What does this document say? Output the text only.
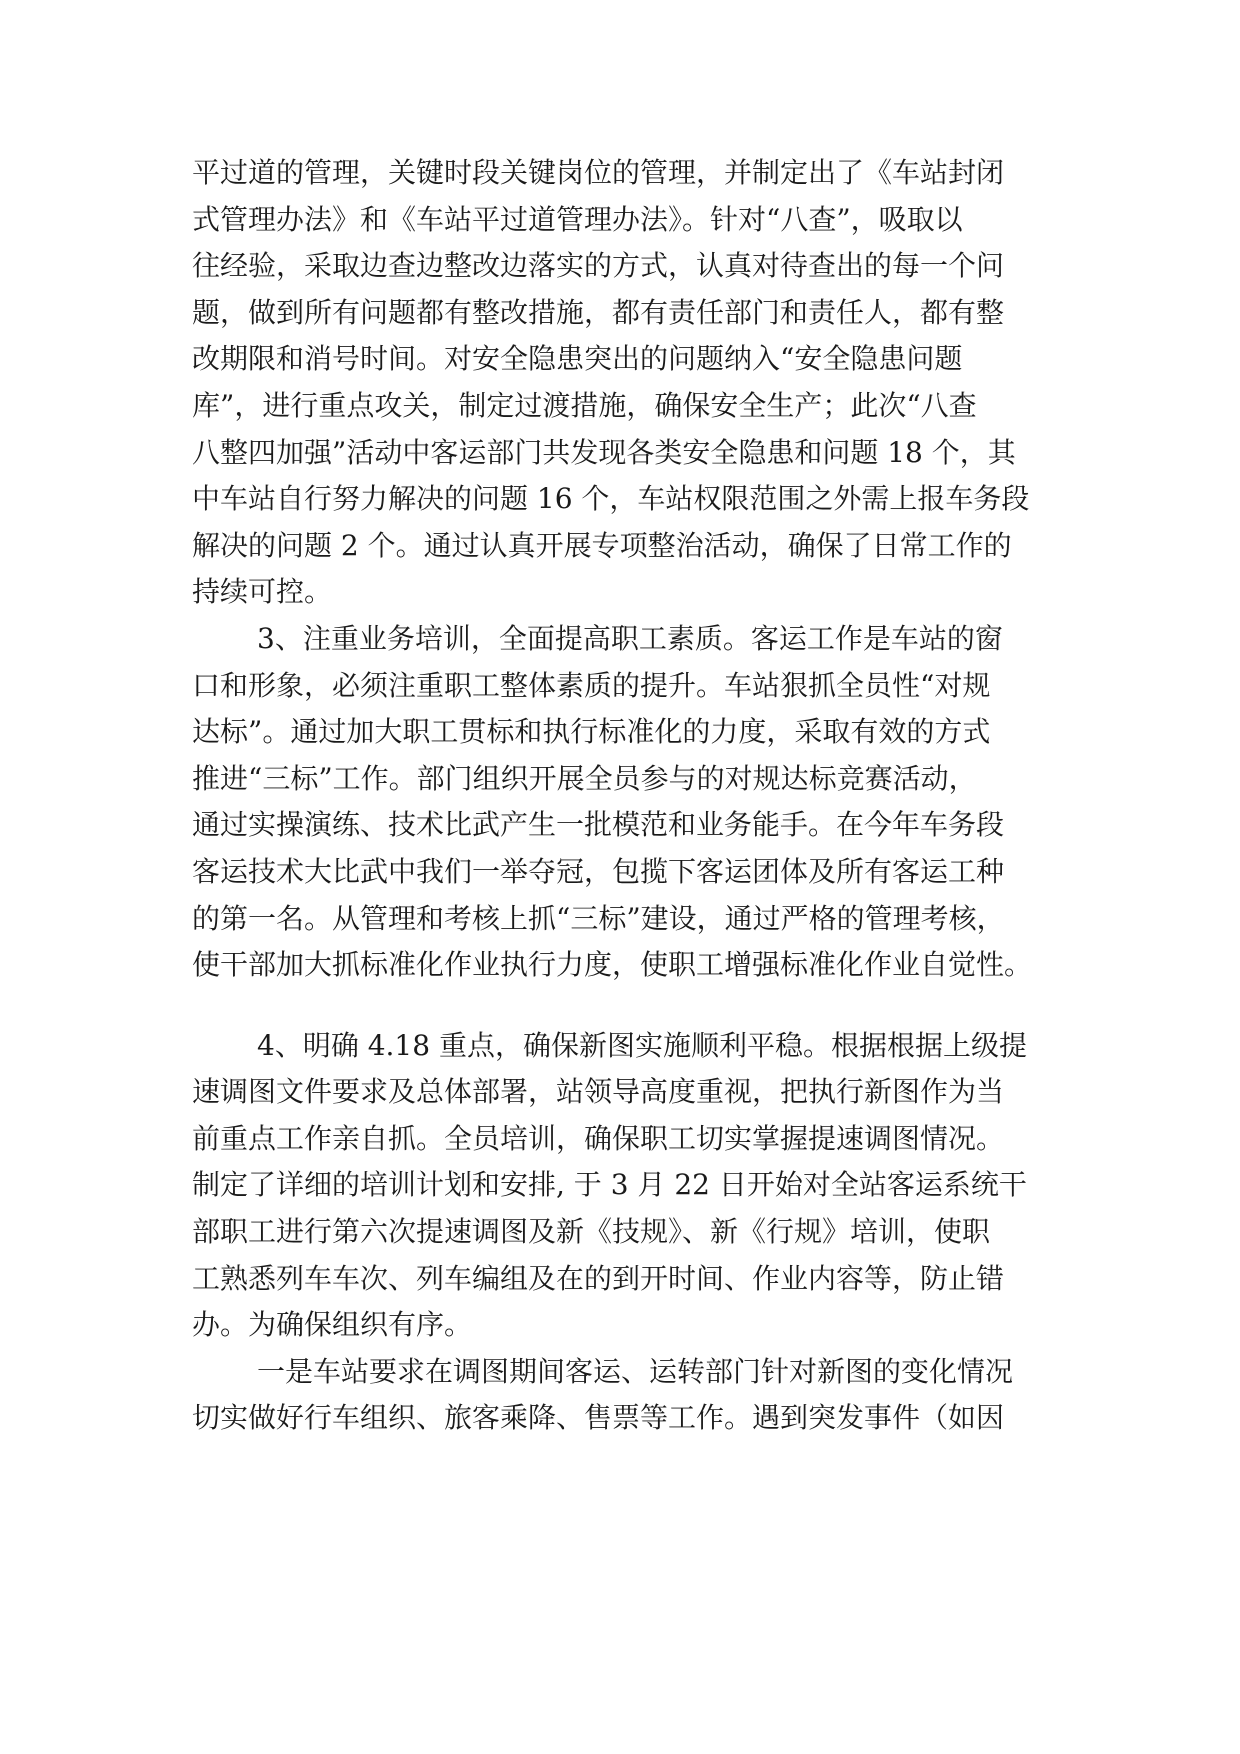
平过道的管理，关键时段关键岗位的管理，并制定出了《车站封闭
式管理办法》和《车站平过道管理办法》。针对“八查”，吸取以
往经验，采取边查边整改边落实的方式，认真对待查出的每一个问
题，做到所有问题都有整改措施，都有责任部门和责任人，都有整
改期限和消号时间。对安全隐患突出的问题纳入“安全隐患问题
库”，进行重点攻关，制定过渡措施，确保安全生产；此次“八查
八整四加强”活动中客运部门共发现各类安全隐患和问题 18 个，其
中车站自行努力解决的问题 16 个，车站权限范围之外需上报车务段
解决的问题 2 个。通过认真开展专项整治活动，确保了日常工作的
持续可控。
3、注重业务培训，全面提高职工素质。客运工作是车站的窗
口和形象，必须注重职工整体素质的提升。车站狠抓全员性“对规
达标”。通过加大职工贯标和执行标准化的力度，采取有效的方式
推进“三标”工作。部门组织开展全员参与的对规达标竞赛活动，
通过实操演练、技术比武产生一批模范和业务能手。在今年车务段
客运技术大比武中我们一举夺冠，包揽下客运团体及所有客运工种
的第一名。从管理和考核上抓“三标”建设，通过严格的管理考核，
使干部加大抓标准化作业执行力度，使职工增强标准化作业自觉性。
4、明确 4.18 重点，确保新图实施顺利平稳。根据根据上级提
速调图文件要求及总体部署，站领导高度重视，把执行新图作为当
前重点工作亲自抓。全员培训，确保职工切实掌握提速调图情况。
制定了详细的培训计划和安排, 于 3 月 22 日开始对全站客运系统干
部职工进行第六次提速调图及新《技规》、新《行规》培训，使职
工熟悉列车车次、列车编组及在的到开时间、作业内容等，防止错
办。为确保组织有序。
一是车站要求在调图期间客运、运转部门针对新图的变化情况
切实做好行车组织、旅客乘降、售票等工作。遇到突发事件（如因
